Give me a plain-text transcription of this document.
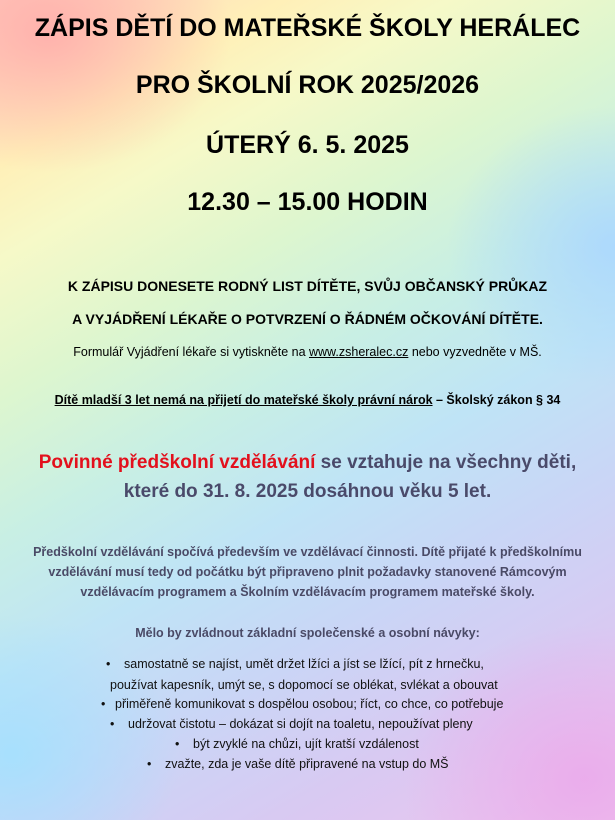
ZÁPIS DĚTÍ DO MATEŘSKÉ ŠKOLY HERÁLEC
PRO ŠKOLNÍ ROK 2025/2026
ÚTERÝ 6. 5. 2025
12.30 – 15.00 HODIN
K ZÁPISU DONESETE RODNÝ LIST DÍTĚTE, SVŮJ OBČANSKÝ PRŮKAZ
A VYJÁDŘENÍ LÉKAŘE O POTVRZENÍ O ŘÁDNÉM OČKOVÁNÍ DÍTĚTE.
Formulář Vyjádření lékaře si vytiskněte na www.zsheralec.cz nebo vyzvedněte v MŠ.
Dítě mladší 3 let nemá na přijetí do mateřské školy právní nárok – Školský zákon § 34
Povinné předškolní vzdělávání se vztahuje na všechny děti,
které do 31. 8. 2025 dosáhnou věku 5 let.
Předškolní vzdělávání spočívá především ve vzdělávací činnosti. Dítě přijaté k předškolnímu
vzdělávání musí tedy od počátku být připraveno plnit požadavky stanovené Rámcovým
vzdělávacím programem a Školním vzdělávacím programem mateřské školy.
Mělo by zvládnout základní společenské a osobní návyky:
• samostatně se najíst, umět držet lžíci a jíst se lžící, pít z hrnečku,
používat kapesník, umýt se, s dopomocí se oblékat, svlékat a obouvat
• přiměřeně komunikovat s dospělou osobou; říct, co chce, co potřebuje
• udržovat čistotu – dokázat si dojít na toaletu, nepoužívat pleny
• být zvyklé na chůzi, ujít kratší vzdálenost
• zvažte, zda je vaše dítě připravené na vstup do MŠ
